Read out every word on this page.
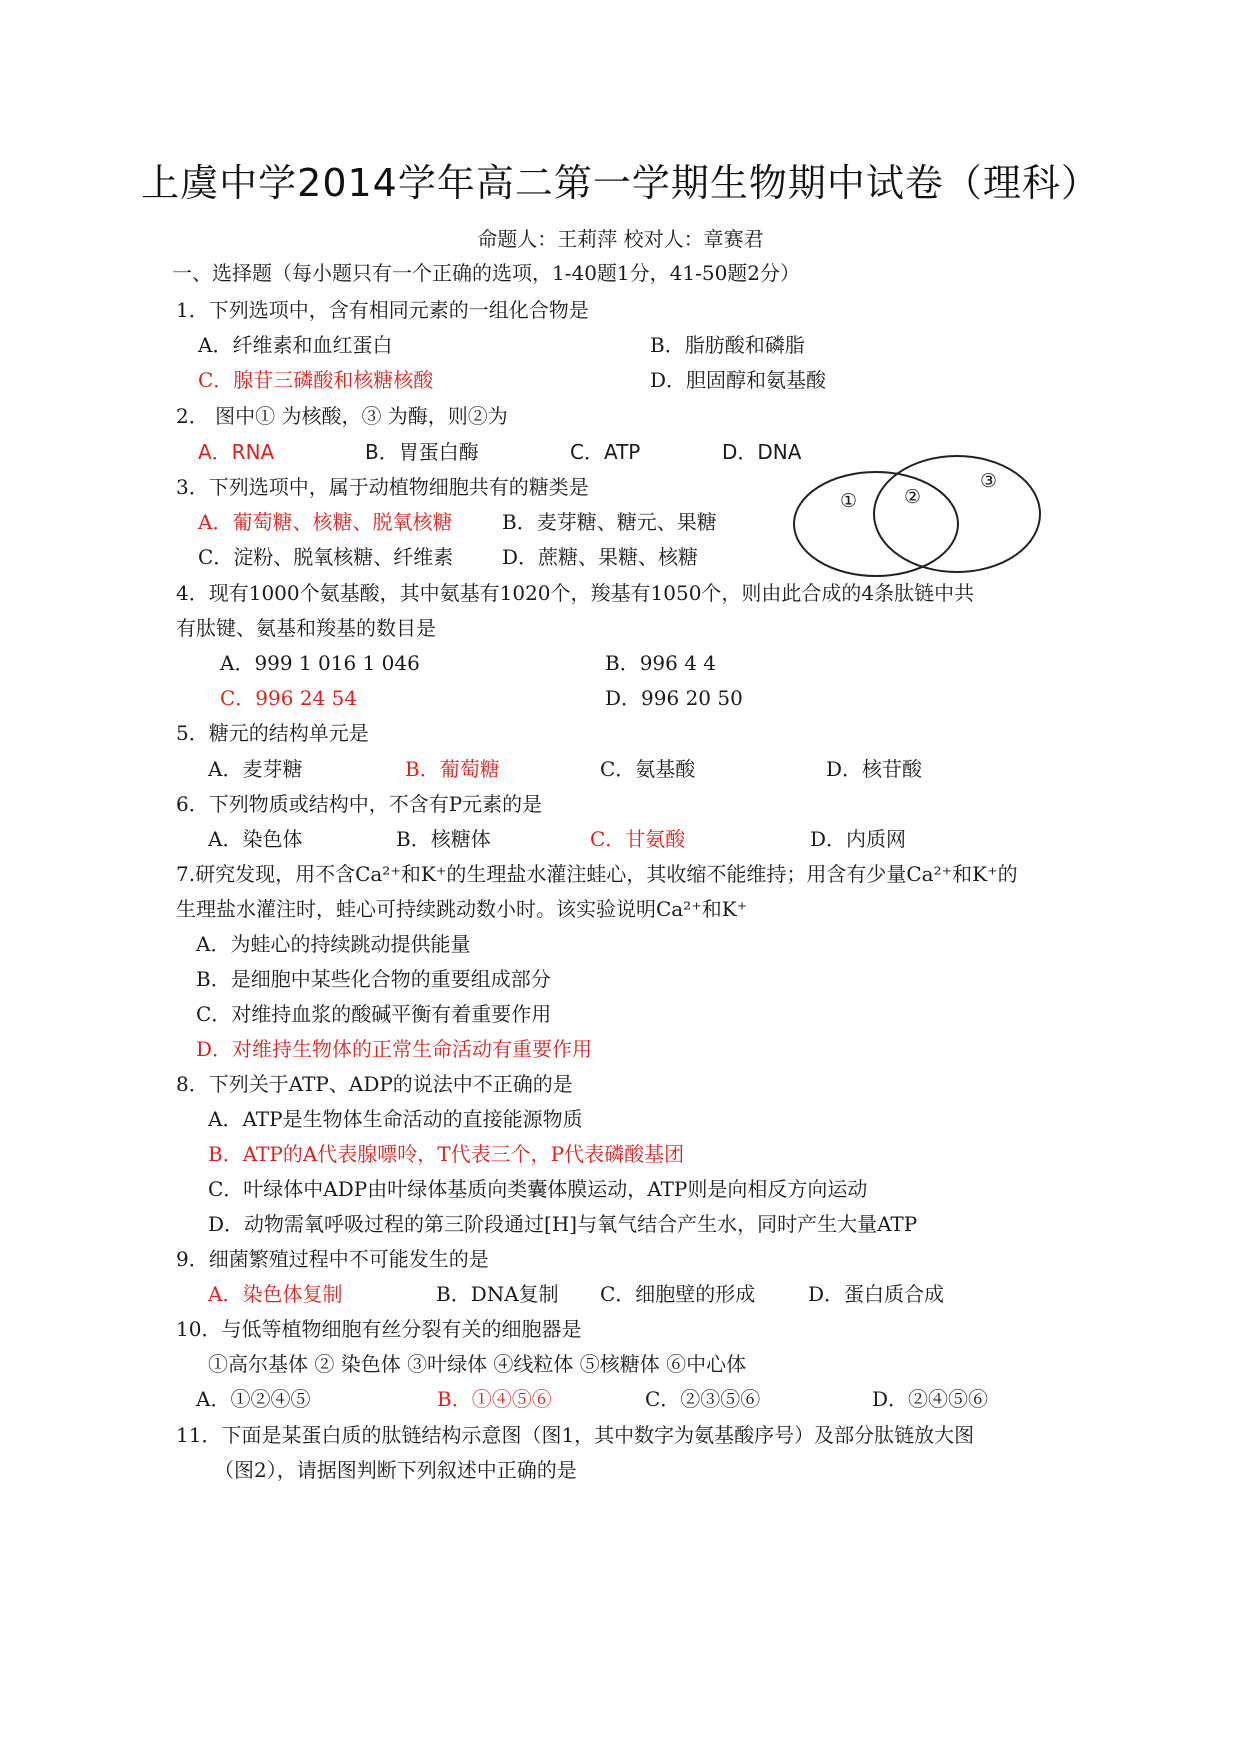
上虞中学2014学年高二第一学期生物期中试卷（理科）
命题人：王莉萍 校对人：章赛君
一、选择题（每小题只有一个正确的选项，1-40题1分，41-50题2分）
1．下列选项中，含有相同元素的一组化合物是
A．纤维素和血红蛋白	B．脂肪酸和磷脂
C．腺苷三磷酸和核糖核酸	D．胆固醇和氨基酸
2． 图中① 为核酸，③ 为酶，则②为
A．RNA	B．胃蛋白酶	C．ATP	D．DNA
① ②
③
3．下列选项中，属于动植物细胞共有的糖类是
A．葡萄糖、核糖、脱氧核糖 B．麦芽糖、糖元、果糖
C．淀粉、脱氧核糖、纤维素 D．蔗糖、果糖、核糖
4．现有1000个氨基酸，其中氨基有1020个，羧基有1050个，则由此合成的4条肽链中共
有肽键、氨基和羧基的数目是
A．999 1 016 1 046	B．996 4 4
C．996 24 54	D．996 20 50
5．糖元的结构单元是
A．麦芽糖	B．葡萄糖	C．氨基酸	D．核苷酸
6．下列物质或结构中，不含有P元素的是
A．染色体	B．核糖体	C．甘氨酸	D．内质网
7.研究发现，用不含Ca²⁺和K⁺的生理盐水灌注蛙心，其收缩不能维持；用含有少量Ca²⁺和K⁺的
生理盐水灌注时，蛙心可持续跳动数小时。该实验说明Ca²⁺和K⁺
A．为蛙心的持续跳动提供能量
B．是细胞中某些化合物的重要组成部分
C．对维持血浆的酸碱平衡有着重要作用
D．对维持生物体的正常生命活动有重要作用
8．下列关于ATP、ADP的说法中不正确的是
A．ATP是生物体生命活动的直接能源物质
B．ATP的A代表腺嘌呤，T代表三个，P代表磷酸基团
C．叶绿体中ADP由叶绿体基质向类囊体膜运动，ATP则是向相反方向运动
D．动物需氧呼吸过程的第三阶段通过[H]与氧气结合产生水，同时产生大量ATP
9．细菌繁殖过程中不可能发生的是
A．染色体复制	B．DNA复制 C．细胞壁的形成	D．蛋白质合成
10．与低等植物细胞有丝分裂有关的细胞器是
①高尔基体 ② 染色体 ③叶绿体 ④线粒体 ⑤核糖体 ⑥中心体
A．①②④⑤	B．①④⑤⑥	C．②③⑤⑥	D．②④⑤⑥
11．下面是某蛋白质的肽链结构示意图（图1，其中数字为氨基酸序号）及部分肽链放大图
（图2），请据图判断下列叙述中正确的是
